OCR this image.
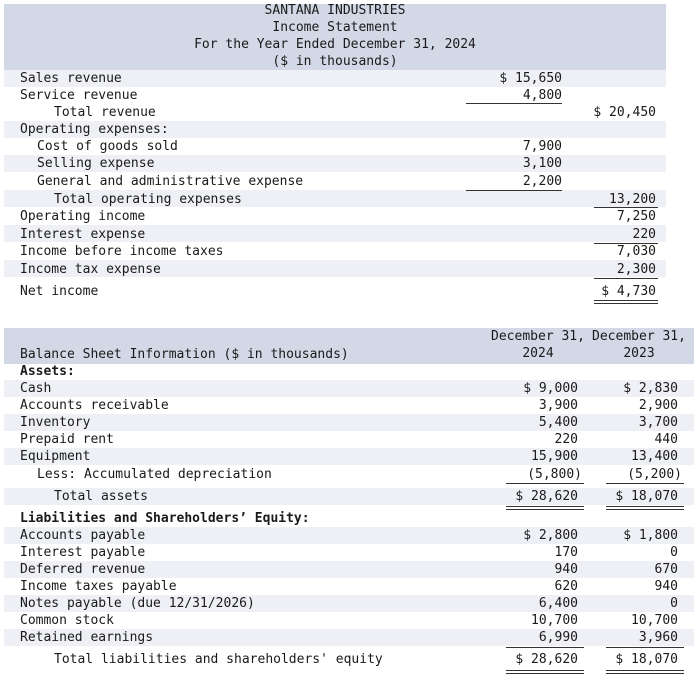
SANTANA INDUSTRIES
Income Statement
For the Year Ended December 31, 2024
($ in thousands)
Sales revenue
Service revenue
Total revenue
Operating expenses:
Cost of goods sold
Selling expense
General and administrative expense
Total operating expenses
Operating income
Interest expense
Income before income taxes
Income tax expense
Net income
$ 15,650
4,800
7,900
3,100
2,200
$ 20,450
13,200
7,250
220
7,030
2,300
$ 4,730
Balance Sheet Information ($ in thousands)
December 31,
2024
December 31,
2023
Assets:
Cash
Accounts receivable
Inventory
Prepaid rent
Equipment
Less: Accumulated depreciation
Total assets
Liabilities and Shareholders’ Equity:
Accounts payable
Interest payable
Deferred revenue
Income taxes payable
Notes payable (due 12/31/2026)
Common stock
Retained earnings
Total liabilities and shareholders' equity
$ 9,000
3,900
5,400
220
15,900
(5,800)
$ 28,620
$ 2,800
170
940
620
6,400
10,700
6,990
$ 28,620
$ 2,830
2,900
3,700
440
13,400
(5,200)
$ 18,070
$ 1,800
0
670
940
0
10,700
3,960
$ 18,070
